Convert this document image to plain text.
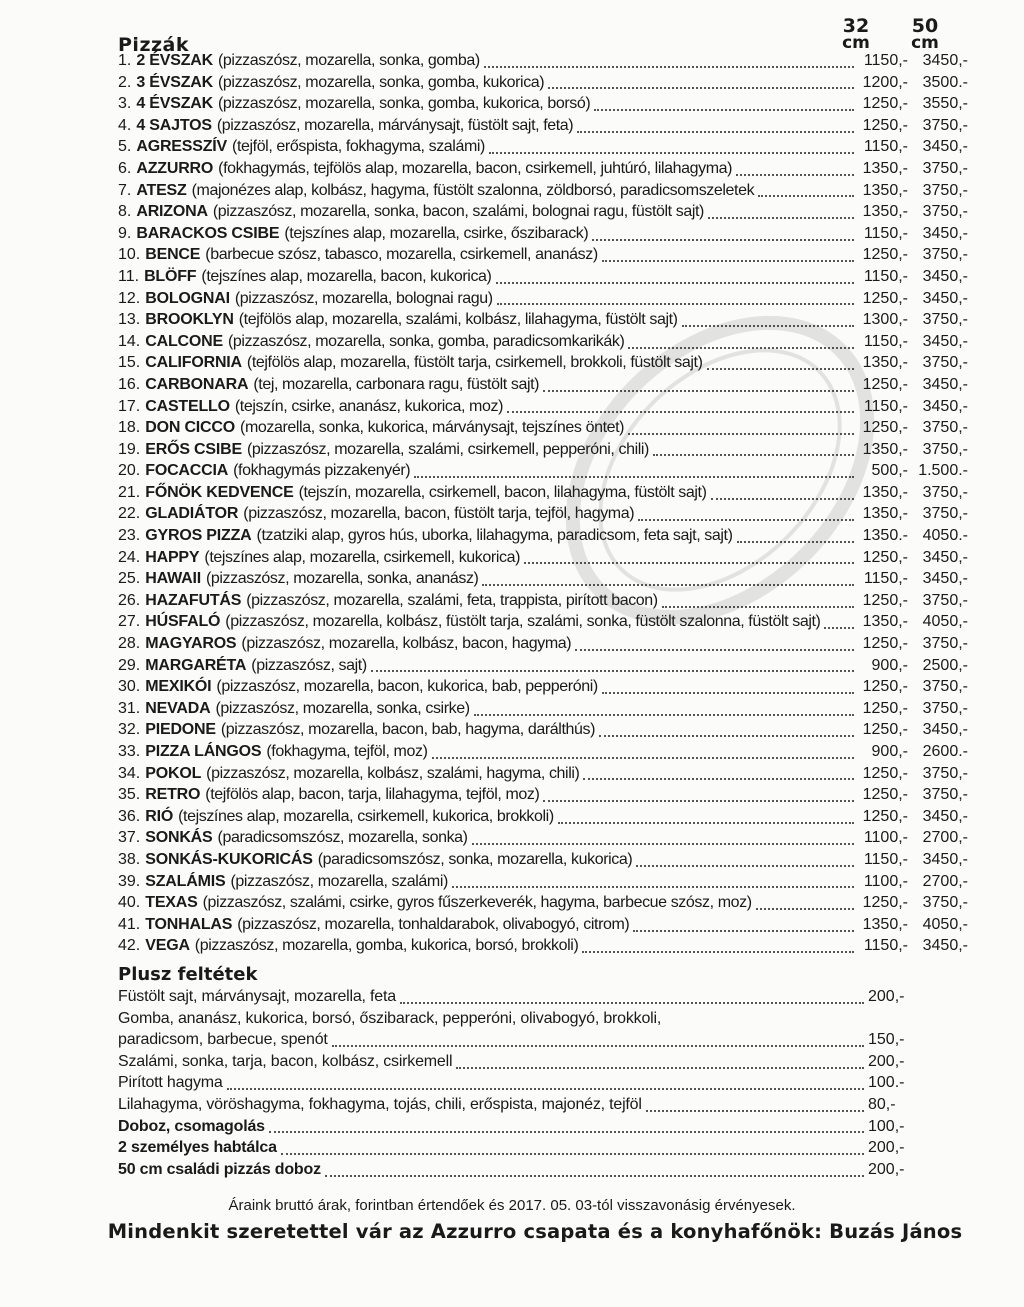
Pizzák
32
cm
50
cm
1. 2 ÉVSZAK (pizzaszósz, mozarella, sonka, gomba)	1150,- 3450,-
2. 3 ÉVSZAK (pizzaszósz, mozarella, sonka, gomba, kukorica)	1200,- 3500.-
3. 4 ÉVSZAK (pizzaszósz, mozarella, sonka, gomba, kukorica, borsó)	1250,- 3550,-
4. 4 SAJTOS (pizzaszósz, mozarella, márványsajt, füstölt sajt, feta)	1250,- 3750,-
5. AGRESSZÍV (tejföl, erőspista, fokhagyma, szalámi)	1150,- 3450,-
6. AZZURRO (fokhagymás, tejfölös alap, mozarella, bacon, csirkemell, juhtúró, lilahagyma)	1350,- 3750,-
7. ATESZ (majonézes alap, kolbász, hagyma, füstölt szalonna, zöldborsó, paradicsomszeletek	1350,- 3750,-
8. ARIZONA (pizzaszósz, mozarella, sonka, bacon, szalámi, bolognai ragu, füstölt sajt)	1350,- 3750,-
9. BARACKOS CSIBE (tejszínes alap, mozarella, csirke, őszibarack)	1150,- 3450,-
10. BENCE (barbecue szósz, tabasco, mozarella, csirkemell, ananász)	1250,- 3750,-
11. BLÖFF (tejszínes alap, mozarella, bacon, kukorica)	1150,- 3450,-
12. BOLOGNAI (pizzaszósz, mozarella, bolognai ragu)	1250,- 3450,-
13. BROOKLYN (tejfölös alap, mozarella, szalámi, kolbász, lilahagyma, füstölt sajt)	1300,- 3750,-
14. CALCONE (pizzaszósz, mozarella, sonka, gomba, paradicsomkarikák)	1150,- 3450,-
15. CALIFORNIA (tejfölös alap, mozarella, füstölt tarja, csirkemell, brokkoli, füstölt sajt)	1350,- 3750,-
16. CARBONARA (tej, mozarella, carbonara ragu, füstölt sajt)	1250,- 3450,-
17. CASTELLO (tejszín, csirke, ananász, kukorica, moz)	1150,- 3450,-
18. DON CICCO (mozarella, sonka, kukorica, márványsajt, tejszínes öntet)	1250,- 3750,-
19. ERŐS CSIBE (pizzaszósz, mozarella, szalámi, csirkemell, pepperóni, chili)	1350,- 3750,-
20. FOCACCIA (fokhagymás pizzakenyér)	500,- 1.500.-
21. FŐNÖK KEDVENCE (tejszín, mozarella, csirkemell, bacon, lilahagyma, füstölt sajt)	1350,- 3750,-
22. GLADIÁTOR (pizzaszósz, mozarella, bacon, füstölt tarja, tejföl, hagyma)	1350,- 3750,-
23. GYROS PIZZA (tzatziki alap, gyros hús, uborka, lilahagyma, paradicsom, feta sajt, sajt)	1350.- 4050.-
24. HAPPY (tejszínes alap, mozarella, csirkemell, kukorica)	1250,- 3450,-
25. HAWAII (pizzaszósz, mozarella, sonka, ananász)	1150,- 3450,-
26. HAZAFUTÁS (pizzaszósz, mozarella, szalámi, feta, trappista, pirított bacon)	1250,- 3750,-
27. HÚSFALÓ (pizzaszósz, mozarella, kolbász, füstölt tarja, szalámi, sonka, füstölt szalonna, füstölt sajt)	1350,- 4050,-
28. MAGYAROS (pizzaszósz, mozarella, kolbász, bacon, hagyma)	1250,- 3750,-
29. MARGARÉTA (pizzaszósz, sajt)	900,- 2500,-
30. MEXIKÓI (pizzaszósz, mozarella, bacon, kukorica, bab, pepperóni)	1250,- 3750,-
31. NEVADA (pizzaszósz, mozarella, sonka, csirke)	1250,- 3750,-
32. PIEDONE (pizzaszósz, mozarella, bacon, bab, hagyma, darálthús)	1250,- 3450,-
33. PIZZA LÁNGOS (fokhagyma, tejföl, moz)	900,- 2600.-
34. POKOL (pizzaszósz, mozarella, kolbász, szalámi, hagyma, chili)	1250,- 3750,-
35. RETRO (tejfölös alap, bacon, tarja, lilahagyma, tejföl, moz)	1250,- 3750,-
36. RIÓ (tejszínes alap, mozarella, csirkemell, kukorica, brokkoli)	1250,- 3450,-
37. SONKÁS (paradicsomszósz, mozarella, sonka)	1100,- 2700,-
38. SONKÁS-KUKORICÁS (paradicsomszósz, sonka, mozarella, kukorica)	1150,- 3450,-
39. SZALÁMIS (pizzaszósz, mozarella, szalámi)	1100,- 2700,-
40. TEXAS (pizzaszósz, szalámi, csirke, gyros fűszerkeverék, hagyma, barbecue szósz, moz)	1250,- 3750,-
41. TONHALAS (pizzaszósz, mozarella, tonhaldarabok, olivabogyó, citrom)	1350,- 4050,-
42. VEGA (pizzaszósz, mozarella, gomba, kukorica, borsó, brokkoli)	1150,- 3450,-
Plusz feltétek
Füstölt sajt, márványsajt, mozarella, feta	200,-
Gomba, ananász, kukorica, borsó, őszibarack, pepperóni, olivabogyó, brokkoli,
paradicsom, barbecue, spenót	150,-
Szalámi, sonka, tarja, bacon, kolbász, csirkemell	200,-
Pirított hagyma	100.-
Lilahagyma, vöröshagyma, fokhagyma, tojás, chili, erőspista, majonéz, tejföl	80,-
Doboz, csomagolás	100,-
2 személyes habtálca	200,-
50 cm családi pizzás doboz	200,-
Áraink bruttó árak, forintban értendőek és 2017. 05. 03-tól visszavonásig érvényesek.
Mindenkit szeretettel vár az Azzurro csapata és a konyhafőnök: Buzás János
